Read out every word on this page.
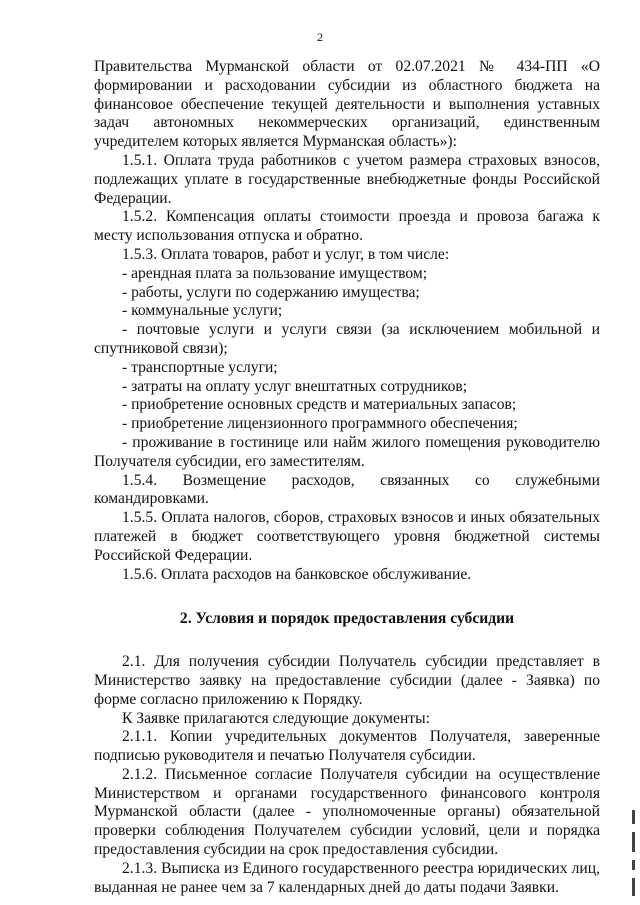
2
Правительства Мурманской области от 02.07.2021 № 434-ПП «О формировании и расходовании субсидии из областного бюджета на финансовое обеспечение текущей деятельности и выполнения уставных задач автономных некоммерческих организаций, единственным учредителем которых является Мурманская область»):
1.5.1. Оплата труда работников с учетом размера страховых взносов, подлежащих уплате в государственные внебюджетные фонды Российской Федерации.
1.5.2. Компенсация оплаты стоимости проезда и провоза багажа к месту использования отпуска и обратно.
1.5.3. Оплата товаров, работ и услуг, в том числе:
- арендная плата за пользование имуществом;
- работы, услуги по содержанию имущества;
- коммунальные услуги;
- почтовые услуги и услуги связи (за исключением мобильной и спутниковой связи);
- транспортные услуги;
- затраты на оплату услуг внештатных сотрудников;
- приобретение основных средств и материальных запасов;
- приобретение лицензионного программного обеспечения;
- проживание в гостинице или найм жилого помещения руководителю Получателя субсидии, его заместителям.
1.5.4. Возмещение расходов, связанных со служебными командировками.
1.5.5. Оплата налогов, сборов, страховых взносов и иных обязательных платежей в бюджет соответствующего уровня бюджетной системы Российской Федерации.
1.5.6. Оплата расходов на банковское обслуживание.
2. Условия и порядок предоставления субсидии
2.1. Для получения субсидии Получатель субсидии представляет в Министерство заявку на предоставление субсидии (далее - Заявка) по форме согласно приложению к Порядку.
К Заявке прилагаются следующие документы:
2.1.1. Копии учредительных документов Получателя, заверенные подписью руководителя и печатью Получателя субсидии.
2.1.2. Письменное согласие Получателя субсидии на осуществление Министерством и органами государственного финансового контроля Мурманской области (далее - уполномоченные органы) обязательной проверки соблюдения Получателем субсидии условий, цели и порядка предоставления субсидии на срок предоставления субсидии.
2.1.3. Выписка из Единого государственного реестра юридических лиц, выданная не ранее чем за 7 календарных дней до даты подачи Заявки.
